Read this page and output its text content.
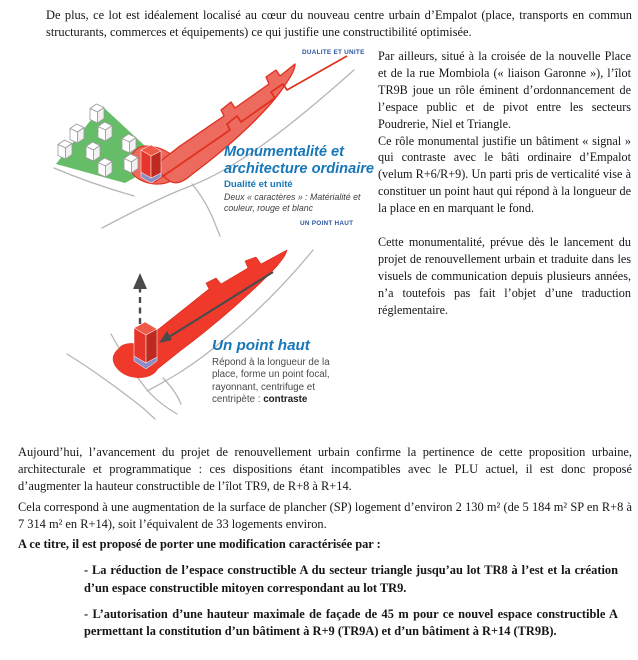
De plus, ce lot est idéalement localisé au cœur du nouveau centre urbain d’Empalot (place, transports en commun structurants, commerces et équipements) ce qui justifie une constructibilité optimisée.
DUALITE ET UNITE
Monumentalité et architecture ordinaire
Dualité et unité
Deux « caractères » : Matérialité et couleur, rouge et blanc
UN POINT HAUT
Un point haut
Répond à la longueur de la place, forme un point focal, rayonnant, centrifuge et centripète : contraste

Par ailleurs, situé à la croisée de la nouvelle Place et de la rue Mombiola (« liaison Garonne »), l’îlot TR9B joue un rôle éminent d’ordonnancement de l’espace public et de pivot entre les secteurs Poudrerie, Niel et Triangle.

Ce rôle monumental justifie un bâtiment « signal » qui contraste avec le bâti ordinaire d’Empalot (velum R+6/R+9). Un parti pris de verticalité vise à constituer un point haut qui répond à la longueur de la place en en marquant le fond.

Cette monumentalité, prévue dès le lancement du projet de renouvellement urbain et traduite dans les visuels de communication depuis plusieurs années, n’a toutefois pas fait l’objet d’une traduction réglementaire.

Aujourd’hui, l’avancement du projet de renouvellement urbain confirme la pertinence de cette proposition urbaine, architecturale et programmatique : ces dispositions étant incompatibles avec le PLU actuel, il est donc proposé d’augmenter la hauteur constructible de l’îlot TR9, de R+8 à R+14.

Cela correspond à une augmentation de la surface de plancher (SP) logement d’environ 2 130 m² (de 5 184 m² SP en R+8 à 7 314 m² en R+14), soit l’équivalent de 33 logements environ.

A ce titre, il est proposé de porter une modification caractérisée par :

- La réduction de l’espace constructible A du secteur triangle jusqu’au lot TR8 à l’est et la création d’un espace constructible mitoyen correspondant au lot TR9.
- L’autorisation d’une hauteur maximale de façade de 45 m pour ce nouvel espace constructible A permettant la constitution d’un bâtiment à R+9 (TR9A) et d’un bâtiment à R+14 (TR9B).
